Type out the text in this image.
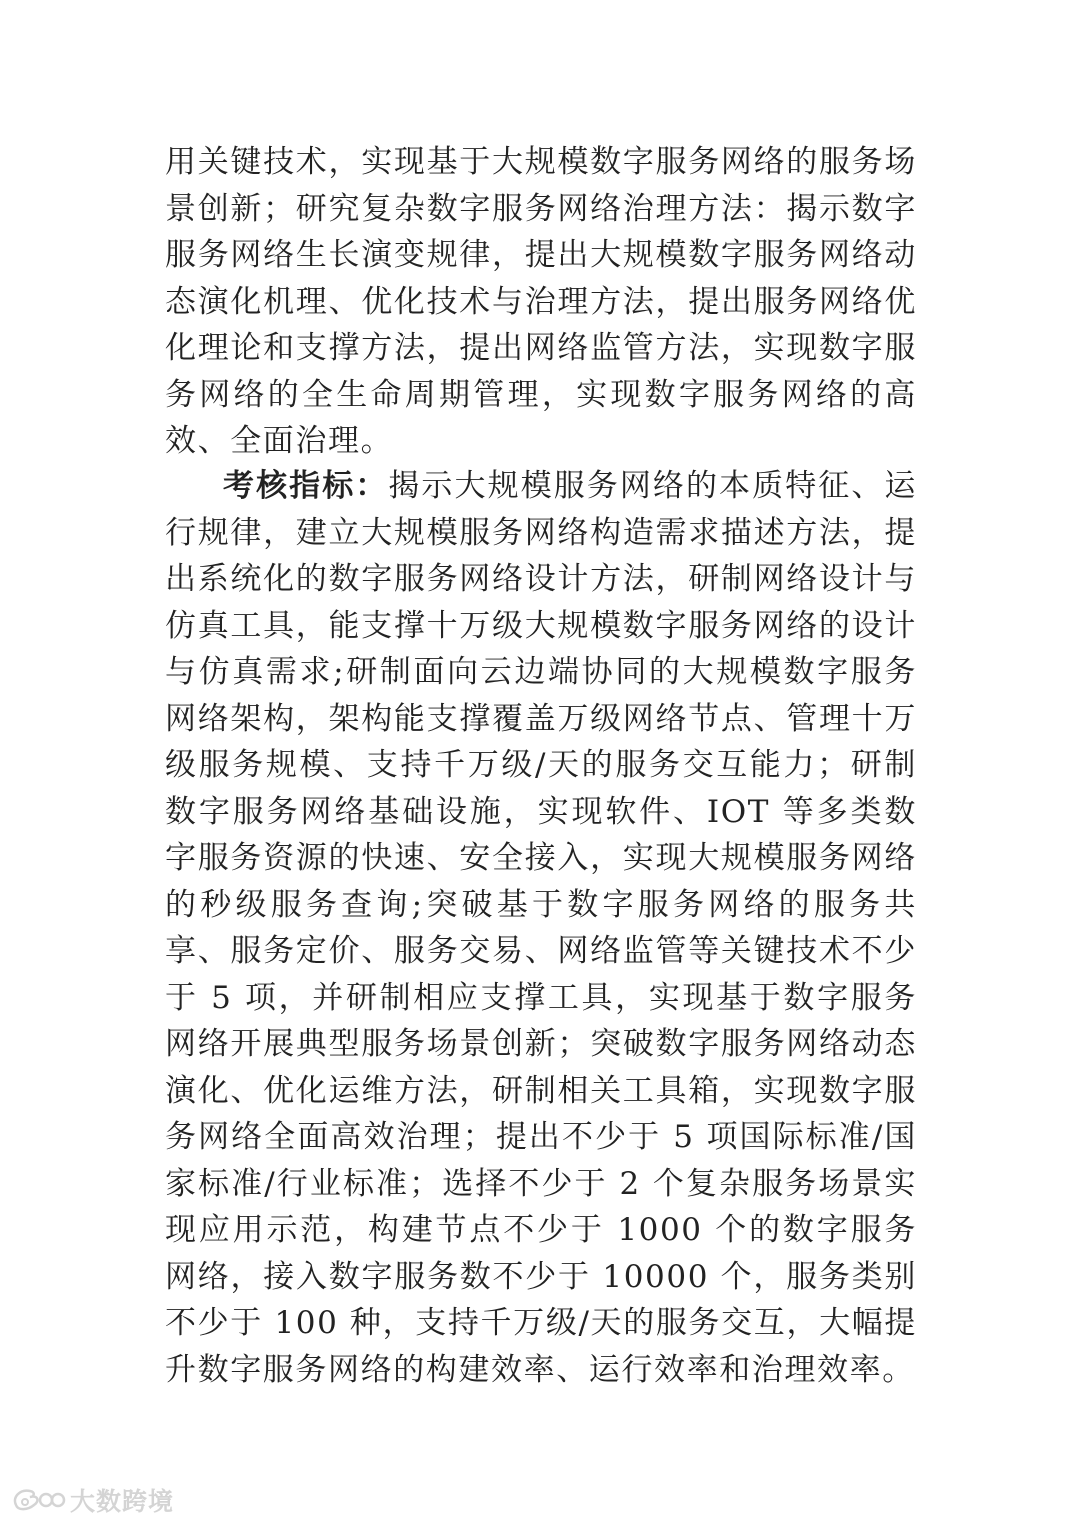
用关键技术，实现基于大规模数字服务网络的服务场景创新；研究复杂数字服务网络治理方法：揭示数字服务网络生长演变规律，提出大规模数字服务网络动态演化机理、优化技术与治理方法，提出服务网络优化理论和支撑方法，提出网络监管方法，实现数字服务网络的全生命周期管理，实现数字服务网络的高效、全面治理。

考核指标：揭示大规模服务网络的本质特征、运行规律，建立大规模服务网络构造需求描述方法，提出系统化的数字服务网络设计方法，研制网络设计与仿真工具，能支撑十万级大规模数字服务网络的设计与仿真需求;研制面向云边端协同的大规模数字服务网络架构，架构能支撑覆盖万级网络节点、管理十万级服务规模、支持千万级/天的服务交互能力；研制数字服务网络基础设施，实现软件、IOT 等多类数字服务资源的快速、安全接入，实现大规模服务网络的秒级服务查询;突破基于数字服务网络的服务共享、服务定价、服务交易、网络监管等关键技术不少于 5 项，并研制相应支撑工具，实现基于数字服务网络开展典型服务场景创新；突破数字服务网络动态演化、优化运维方法，研制相关工具箱，实现数字服务网络全面高效治理；提出不少于 5 项国际标准/国家标准/行业标准；选择不少于 2 个复杂服务场景实现应用示范，构建节点不少于 1000 个的数字服务网络，接入数字服务数不少于 10000 个，服务类别不少于 100 种，支持千万级/天的服务交互，大幅提升数字服务网络的构建效率、运行效率和治理效率。

大数跨境
